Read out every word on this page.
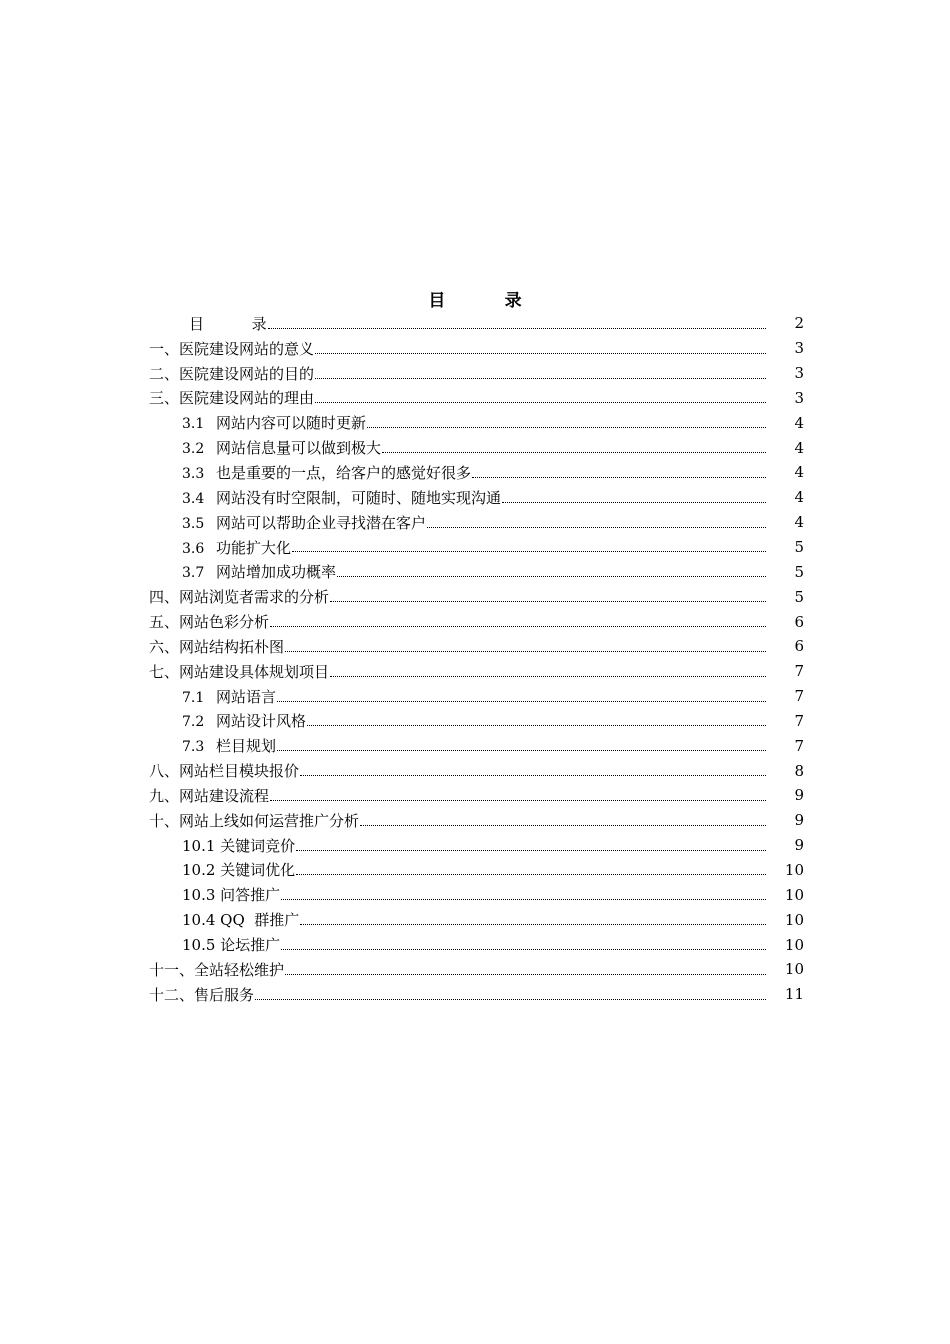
目          录
目          录	2
一、医院建设网站的意义	3
二、医院建设网站的目的	3
三、医院建设网站的理由	3
3.1 网站内容可以随时更新	4
3.2 网站信息量可以做到极大	4
3.3 也是重要的一点，给客户的感觉好很多	4
3.4 网站没有时空限制，可随时、随地实现沟通	4
3.5 网站可以帮助企业寻找潜在客户	4
3.6 功能扩大化	5
3.7 网站增加成功概率	5
四、网站浏览者需求的分析	5
五、网站色彩分析	6
六、网站结构拓朴图	6
七、网站建设具体规划项目	7
7.1 网站语言	7
7.2 网站设计风格	7
7.3 栏目规划	7
八、网站栏目模块报价	8
九、网站建设流程	9
十、网站上线如何运营推广分析	9
10.1 关键词竞价	9
10.2 关键词优化	10
10.3 问答推广	10
10.4 QQ  群推广	10
10.5 论坛推广	10
十一、全站轻松维护	10
十二、售后服务	11
